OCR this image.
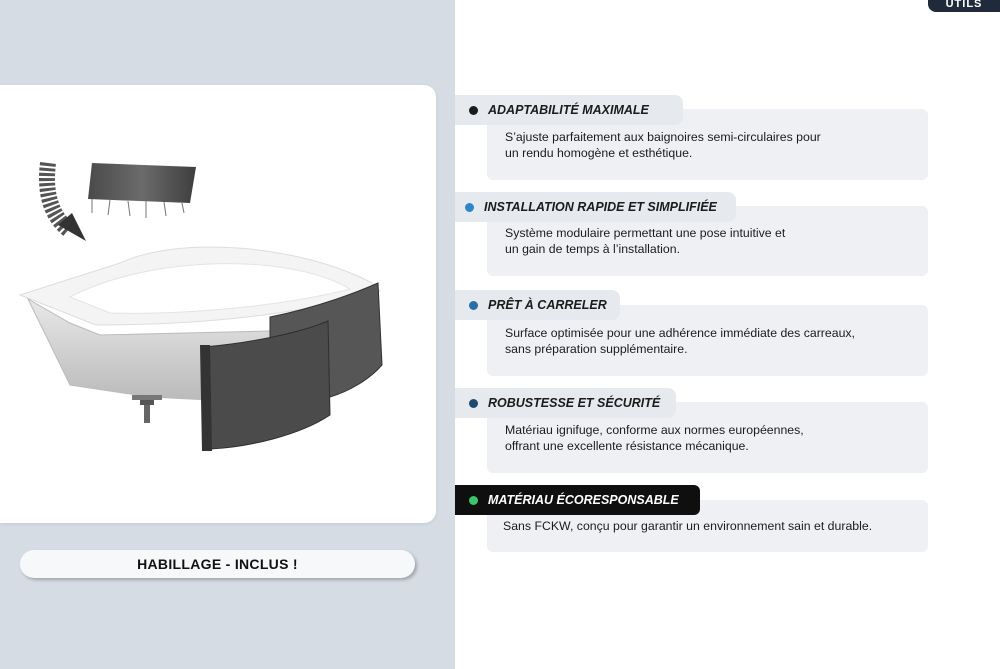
HABILLAGE - INCLUS !
UTILS
ADAPTABILITÉ MAXIMALE
S’ajuste parfaitement aux baignoires semi-circulaires pour
un rendu homogène et esthétique.
INSTALLATION RAPIDE ET SIMPLIFIÉE
Système modulaire permettant une pose intuitive et
un gain de temps à l’installation.
PRÊT À CARRELER
Surface optimisée pour une adhérence immédiate des carreaux,
sans préparation supplémentaire.
ROBUSTESSE ET SÉCURITÉ
Matériau ignifuge, conforme aux normes européennes,
offrant une excellente résistance mécanique.
MATÉRIAU ÉCORESPONSABLE
Sans FCKW, conçu pour garantir un environnement sain et durable.
